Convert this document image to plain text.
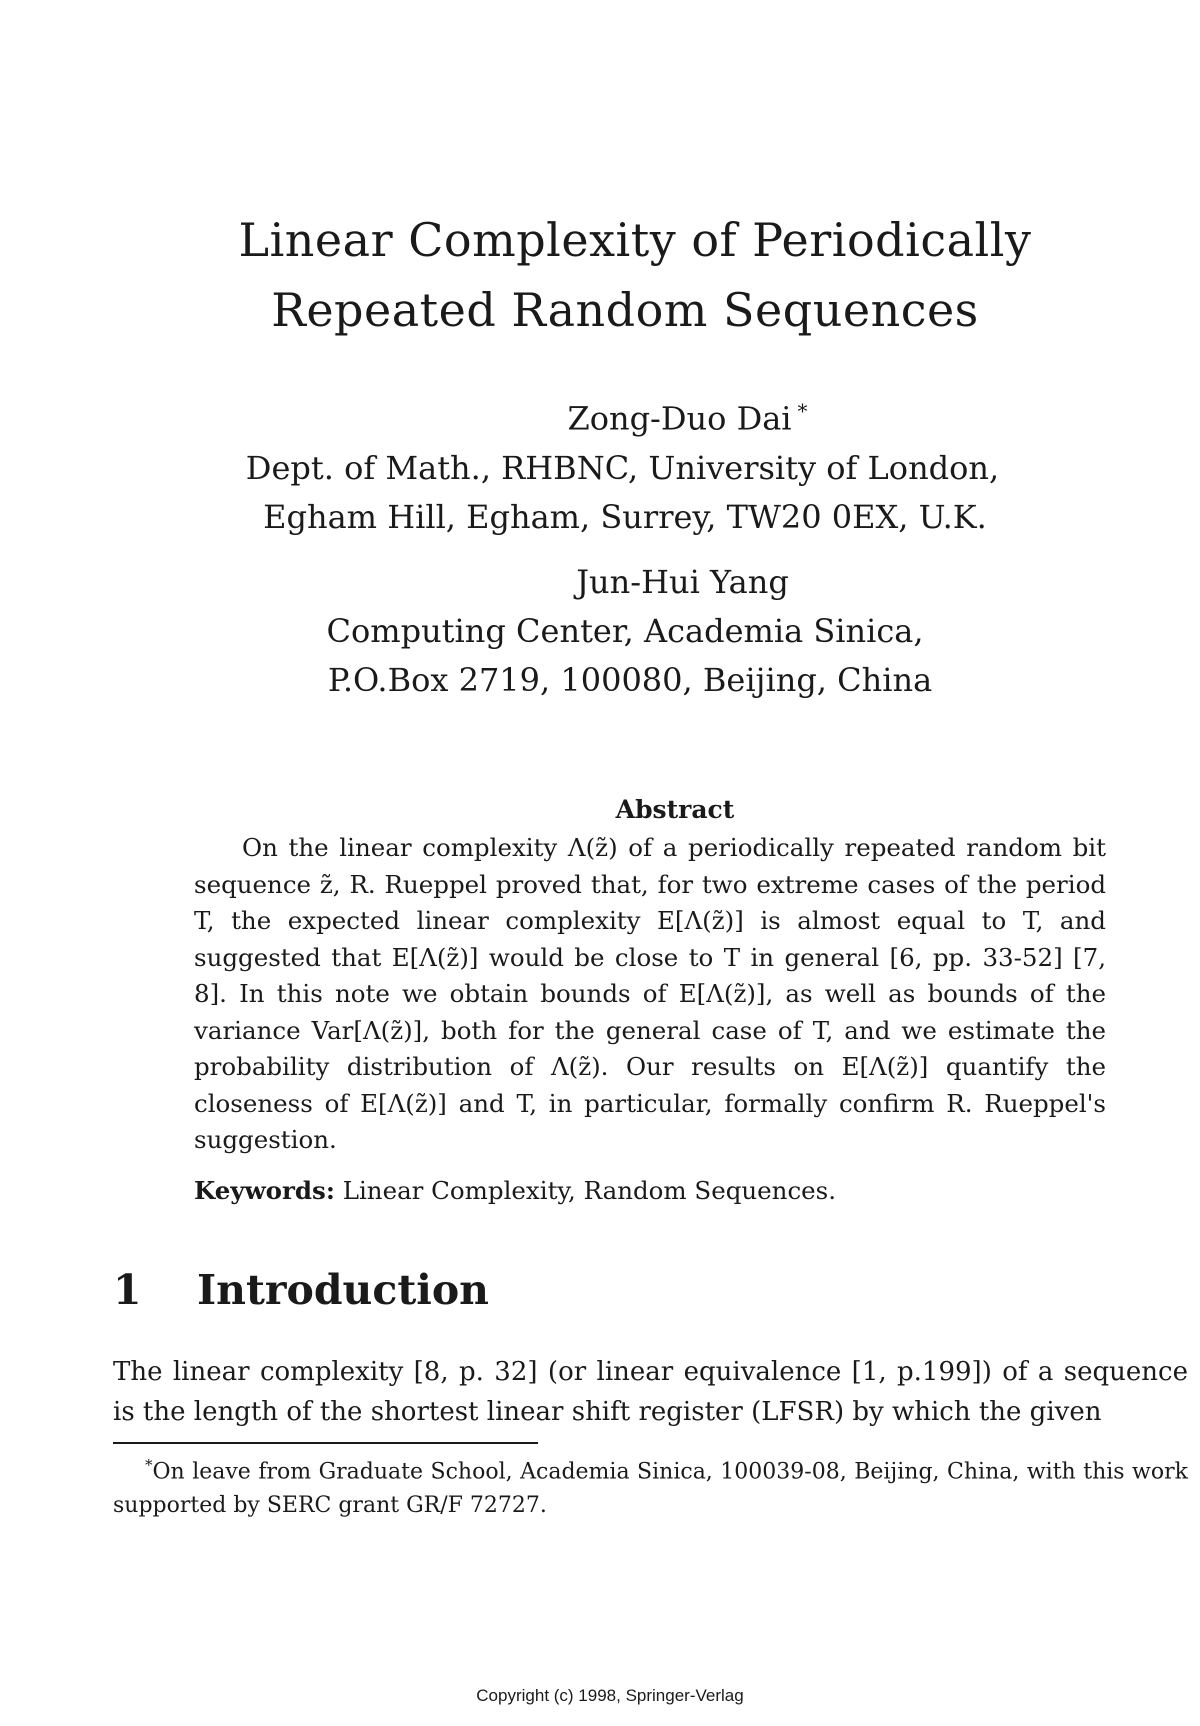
Linear Complexity of Periodically
Repeated Random Sequences
Zong-Duo Dai *
Dept. of Math., RHBNC, University of London,
Egham Hill, Egham, Surrey, TW20 0EX, U.K.
Jun-Hui Yang
Computing Center, Academia Sinica,
P.O.Box 2719, 100080, Beijing, China
Abstract

On the linear complexity Λ(z̃) of a periodically repeated random bit sequence z̃, R. Rueppel proved that, for two extreme cases of the period T, the expected linear complexity E[Λ(z̃)] is almost equal to T, and suggested that E[Λ(z̃)] would be close to T in general [6, pp. 33-52] [7, 8]. In this note we obtain bounds of E[Λ(z̃)], as well as bounds of the variance Var[Λ(z̃)], both for the general case of T, and we estimate the probability distribution of Λ(z̃). Our results on E[Λ(z̃)] quantify the closeness of E[Λ(z̃)] and T, in particular, formally confirm R. Rueppel's suggestion.

Keywords: Linear Complexity, Random Sequences.
1 Introduction

The linear complexity [8, p. 32] (or linear equivalence [1, p.199]) of a sequence is the length of the shortest linear shift register (LFSR) by which the given

*On leave from Graduate School, Academia Sinica, 100039-08, Beijing, China, with this work supported by SERC grant GR/F 72727.
Copyright (c) 1998, Springer-Verlag
